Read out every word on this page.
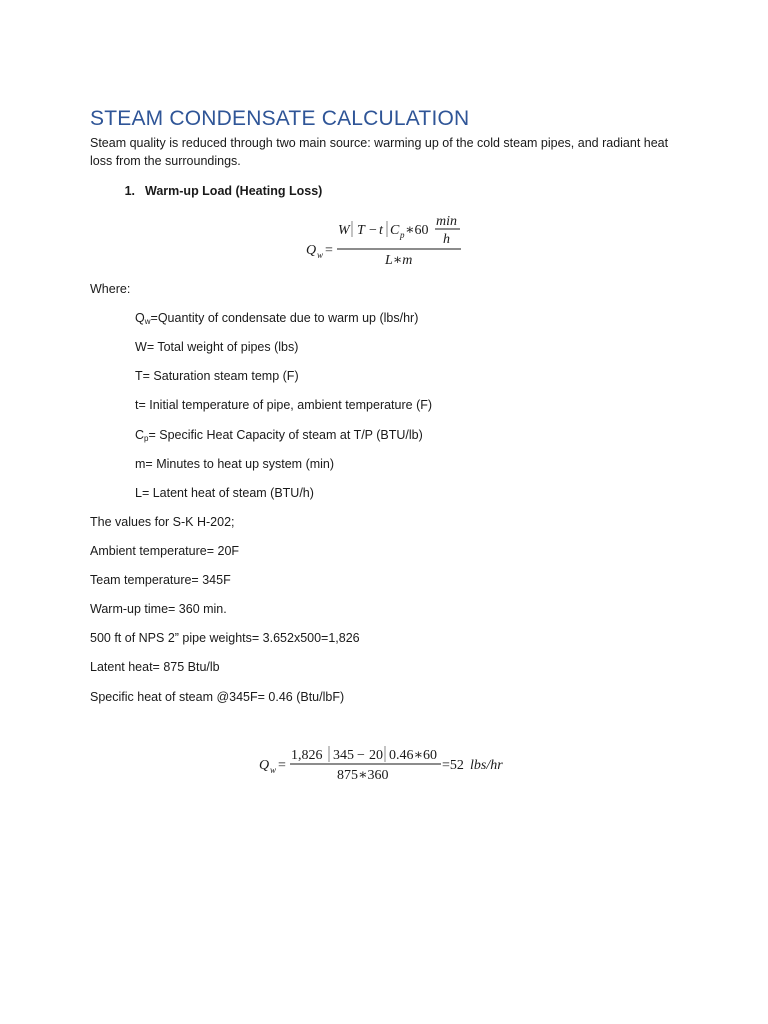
STEAM CONDENSATE CALCULATION
Steam quality is reduced through two main source: warming up of the cold steam pipes, and radiant heat loss from the surroundings.
1. Warm-up Load (Heating Loss)
Q w =
W T − t C p ∗60
min
h
L∗m
Where:
Qw=Quantity of condensate due to warm up (lbs/hr)
W= Total weight of pipes (lbs)
T= Saturation steam temp (F)
t= Initial temperature of pipe, ambient temperature (F)
Cp= Specific Heat Capacity of steam at T/P (BTU/lb)
m= Minutes to heat up system (min)
L= Latent heat of steam (BTU/h)
The values for S-K H-202;
Ambient temperature= 20F
Team temperature= 345F
Warm-up time= 360 min.
500 ft of NPS 2” pipe weights= 3.652x500=1,826
Latent heat= 875 Btu/lb
Specific heat of steam @345F= 0.46 (Btu/lbF)
Q w =
1,826 345 − 20 0.46∗60
875∗360
=52 lbs/hr
